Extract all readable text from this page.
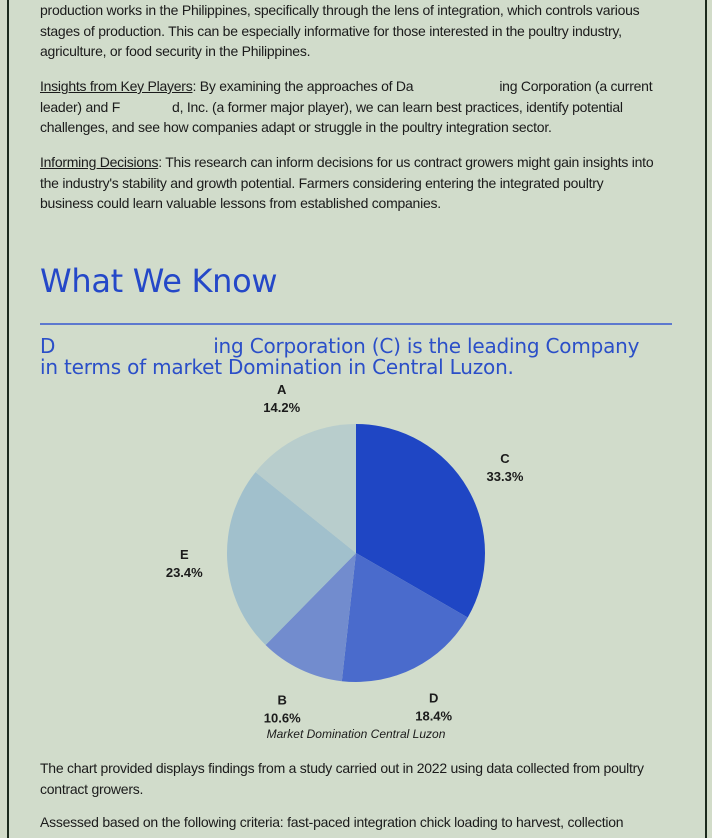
production works in the Philippines, specifically through the lens of integration, which controls various
stages of production. This can be especially informative for those interested in the poultry industry,
agriculture, or food security in the Philippines.
Insights from Key Players: By examining the approaches of Da	ing Corporation (a current
leader) and F	d, Inc. (a former major player), we can learn best practices, identify potential
challenges, and see how companies adapt or struggle in the poultry integration sector.
Informing Decisions: This research can inform decisions for us contract growers might gain insights into
the industry's stability and growth potential. Farmers considering entering the integrated poultry
business could learn valuable lessons from established companies.
What We Know
D	ing Corporation (C) is the leading Company
in terms of market Domination in Central Luzon.
C
33.3%
D
18.4%
B
10.6%
E
23.4%
A
14.2%
Market Domination Central Luzon
The chart provided displays findings from a study carried out in 2022 using data collected from poultry
contract growers.
Assessed based on the following criteria: fast-paced integration chick loading to harvest, collection
